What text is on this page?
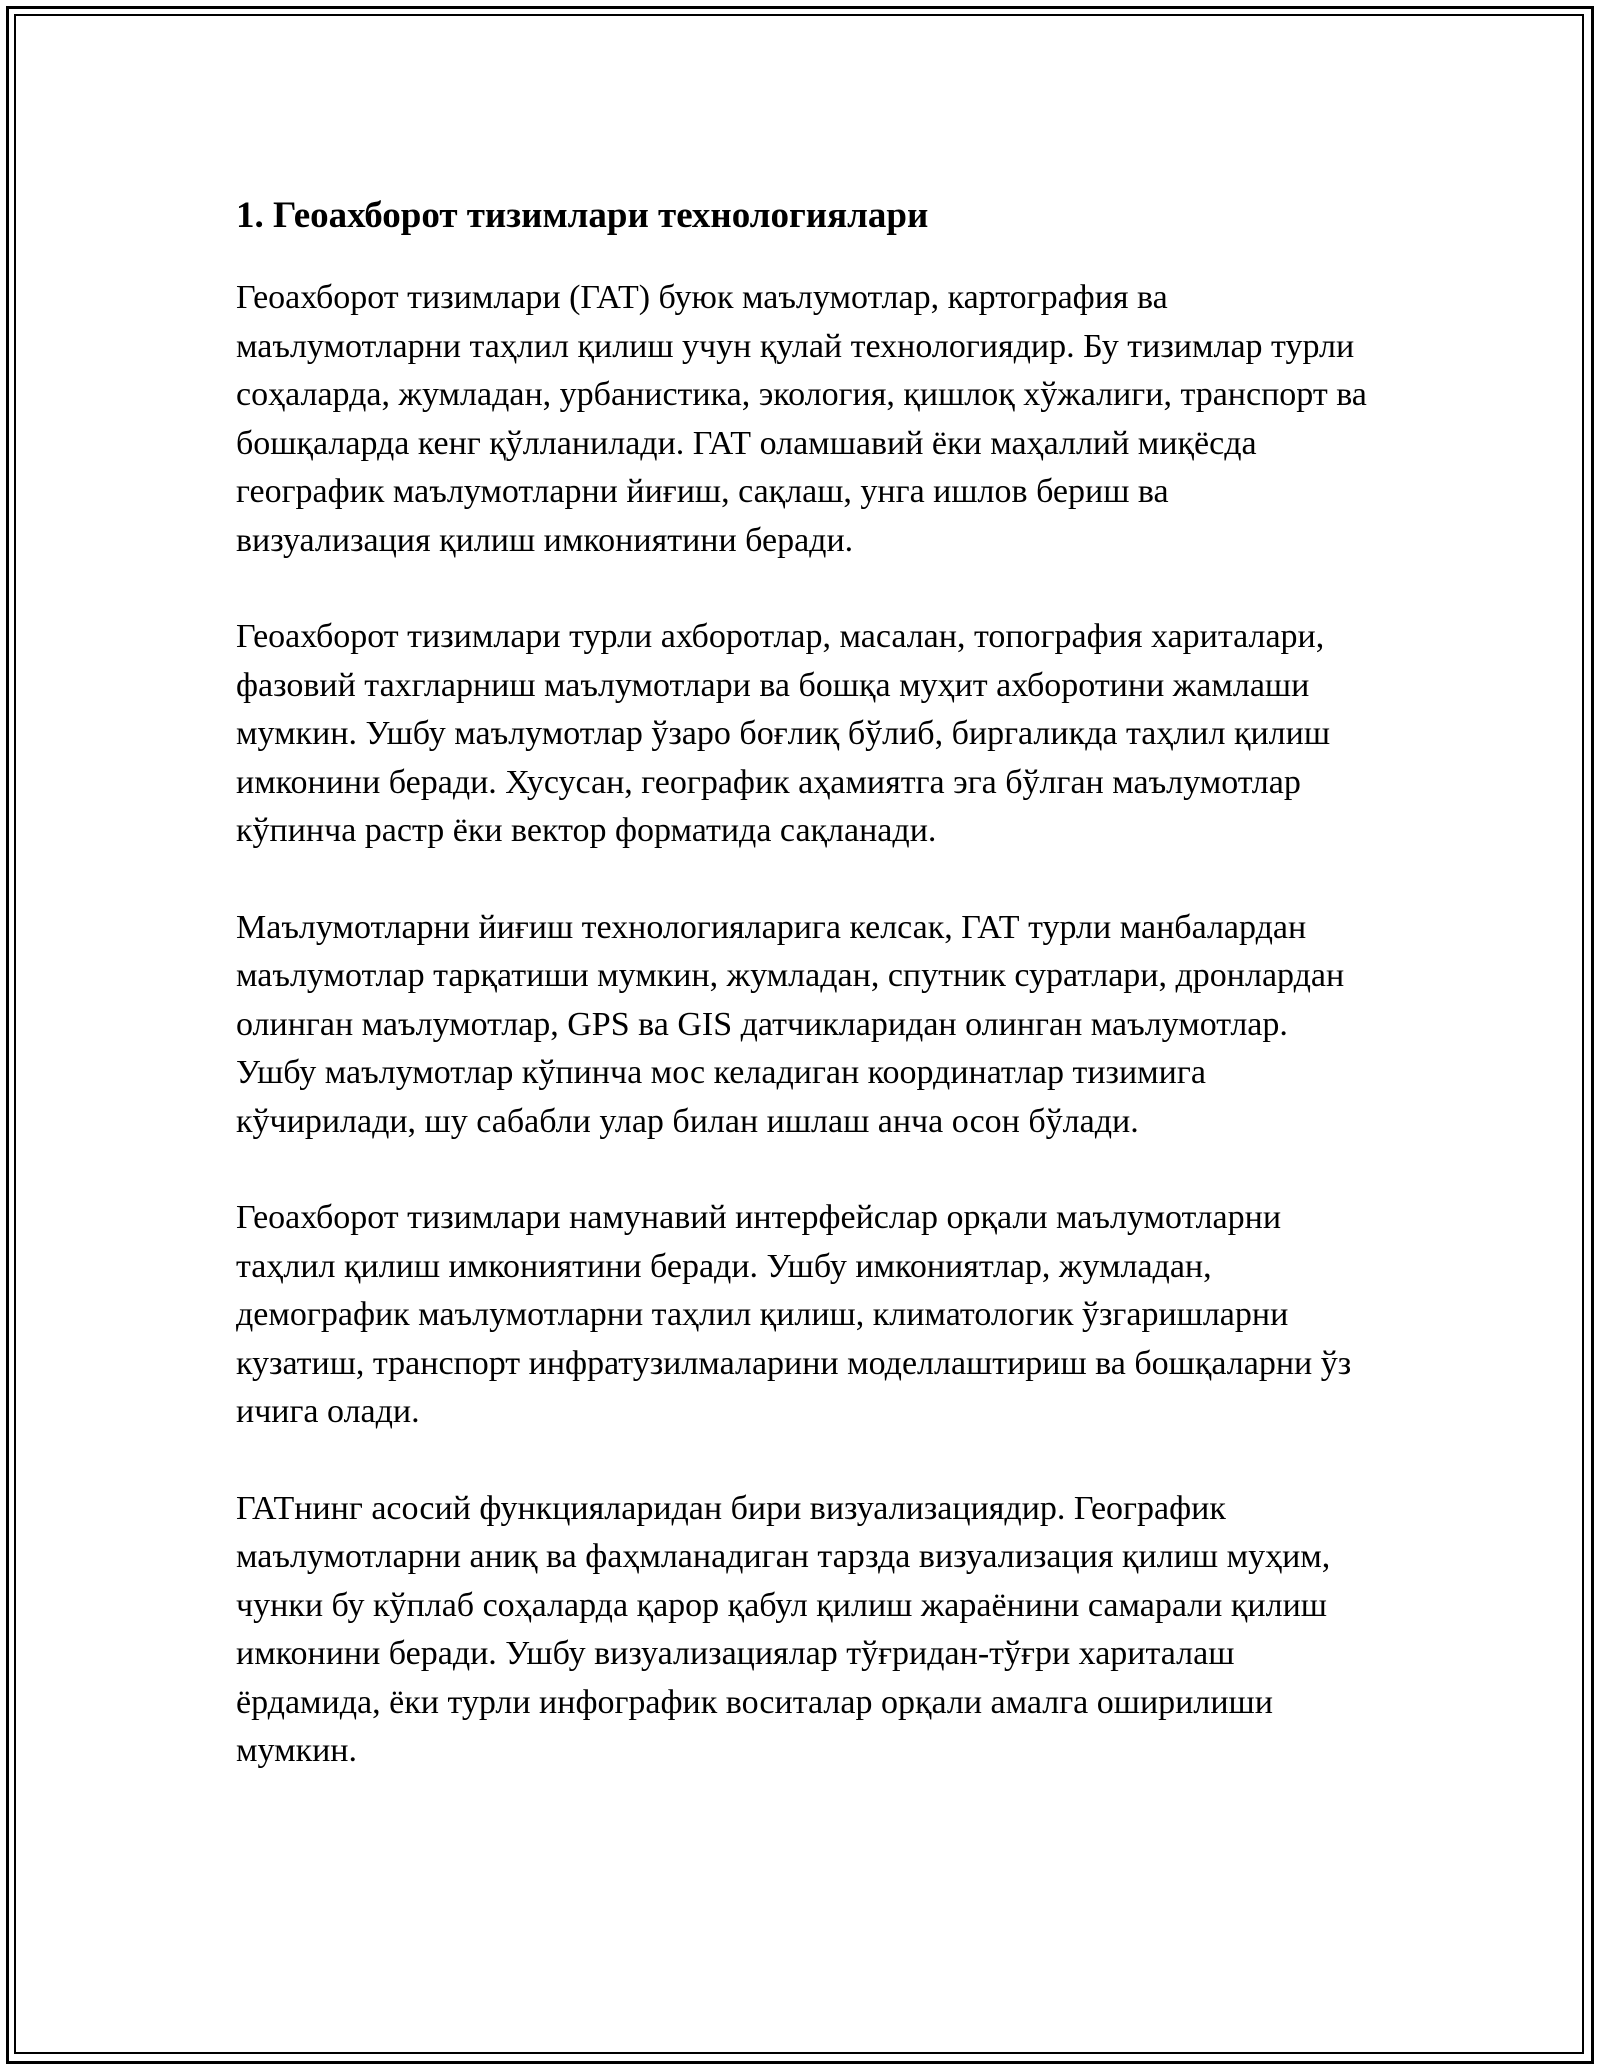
1. Геоахборот тизимлари технологиялари

Геоахборот тизимлари (ГАТ) буюк маълумотлар, картография ва маълумотларни таҳлил қилиш учун қулай технологиядир. Бу тизимлар турли соҳаларда, жумладан, урбанистика, экология, қишлоқ хўжалиги, транспорт ва бошқаларда кенг қўлланилади. ГАТ оламшавий ёки маҳаллий миқёсда географик маълумотларни йиғиш, сақлаш, унга ишлов бериш ва визуализация қилиш имкониятини беради.

Геоахборот тизимлари турли ахборотлар, масалан, топография хариталари, фазовий тахгларниш маълумотлари ва бошқа муҳит ахборотини жамлаши мумкин. Ушбу маълумотлар ўзаро боғлиқ бўлиб, биргаликда таҳлил қилиш имконини беради. Хусусан, географик аҳамиятга эга бўлган маълумотлар кўпинча растр ёки вектор форматида сақланади.

Маълумотларни йиғиш технологияларига келсак, ГАТ турли манбалардан маълумотлар тарқатиши мумкин, жумладан, спутник суратлари, дронлардан олинган маълумотлар, GPS ва GIS датчикларидан олинган маълумотлар. Ушбу маълумотлар кўпинча мос келадиган координатлар тизимига кўчирилади, шу сабабли улар билан ишлаш анча осон бўлади.

Геоахборот тизимлари намунавий интерфейслар орқали маълумотларни таҳлил қилиш имкониятини беради. Ушбу имкониятлар, жумладан, демографик маълумотларни таҳлил қилиш, климатологик ўзгаришларни кузатиш, транспорт инфратузилмаларини моделлаштириш ва бошқаларни ўз ичига олади.

ГАТнинг асосий функцияларидан бири визуализациядир. Географик маълумотларни аниқ ва фаҳмланадиган тарзда визуализация қилиш муҳим, чунки бу кўплаб соҳаларда қарор қабул қилиш жараёнини самарали қилиш имконини беради. Ушбу визуализациялар тўғридан-тўғри хариталаш ёрдамида, ёки турли инфографик воситалар орқали амалга оширилиши мумкин.
